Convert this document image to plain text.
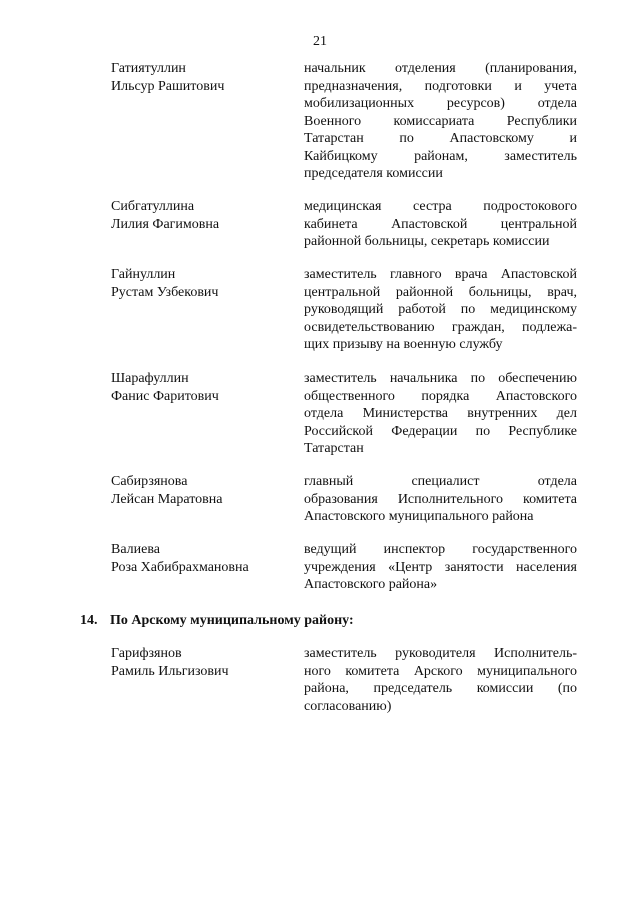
21
Гатиятуллин
Ильсур Рашитович
начальник отделения (планирования,
предназначения, подготовки и учета
мобилизационных ресурсов) отдела
Военного комиссариата Республики
Татарстан по Апастовскому и
Кайбицкому районам, заместитель
председателя комиссии
Сибгатуллина
Лилия Фагимовна
медицинская сестра подростокового
кабинета Апастовской центральной
районной больницы, секретарь комиссии
Гайнуллин
Рустам Узбекович
заместитель главного врача Апастовской
центральной районной больницы, врач,
руководящий работой по медицинскому
освидетельствованию граждан, подлежа-
щих призыву на военную службу
Шарафуллин
Фанис Фаритович
заместитель начальника по обеспечению
общественного порядка Апастовского
отдела Министерства внутренних дел
Российской Федерации по Республике
Татарстан
Сабирзянова
Лейсан Маратовна
главный специалист отдела
образования Исполнительного комитета
Апастовского муниципального района
Валиева
Роза Хабибрахмановна
ведущий инспектор государственного
учреждения «Центр занятости населения
Апастовского района»
14. По Арскому муниципальному району:
Гарифзянов
Рамиль Ильгизович
заместитель руководителя Исполнитель-
ного комитета Арского муниципального
района, председатель комиссии (по
согласованию)
